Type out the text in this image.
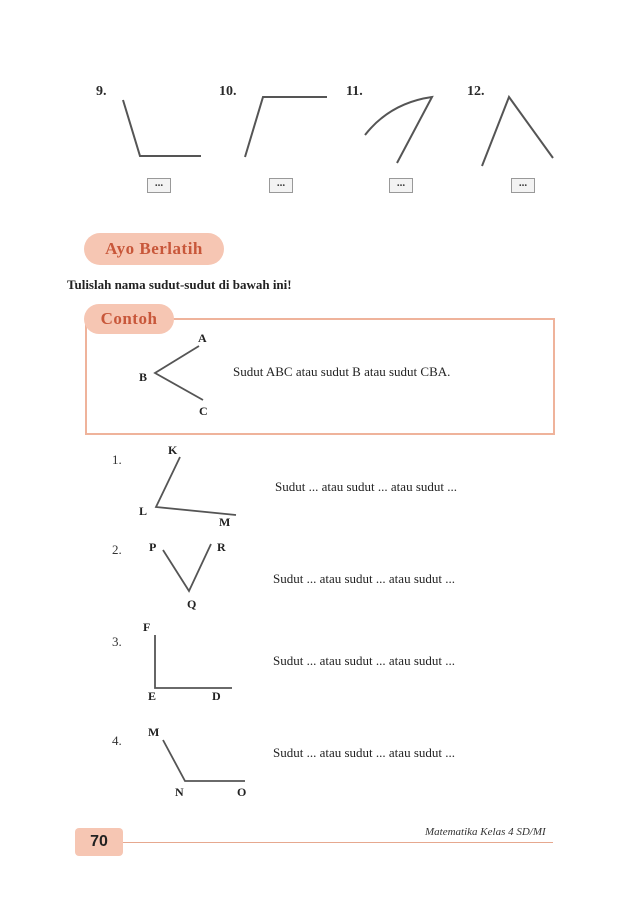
9.	10.	11.	12.
...	...	...	...
Ayo Berlatih
Tulislah nama sudut-sudut di bawah ini!
Contoh
A
B
C
Sudut ABC atau sudut B atau sudut CBA.
1.
K
L
M
Sudut ... atau sudut ... atau sudut ...
2. P
Q
R
Sudut ... atau sudut ... atau sudut ...
3.
F
E	D
Sudut ... atau sudut ... atau sudut ...
4.
M
N	O
Sudut ... atau sudut ... atau sudut ...
70
Matematika Kelas 4 SD/MI
